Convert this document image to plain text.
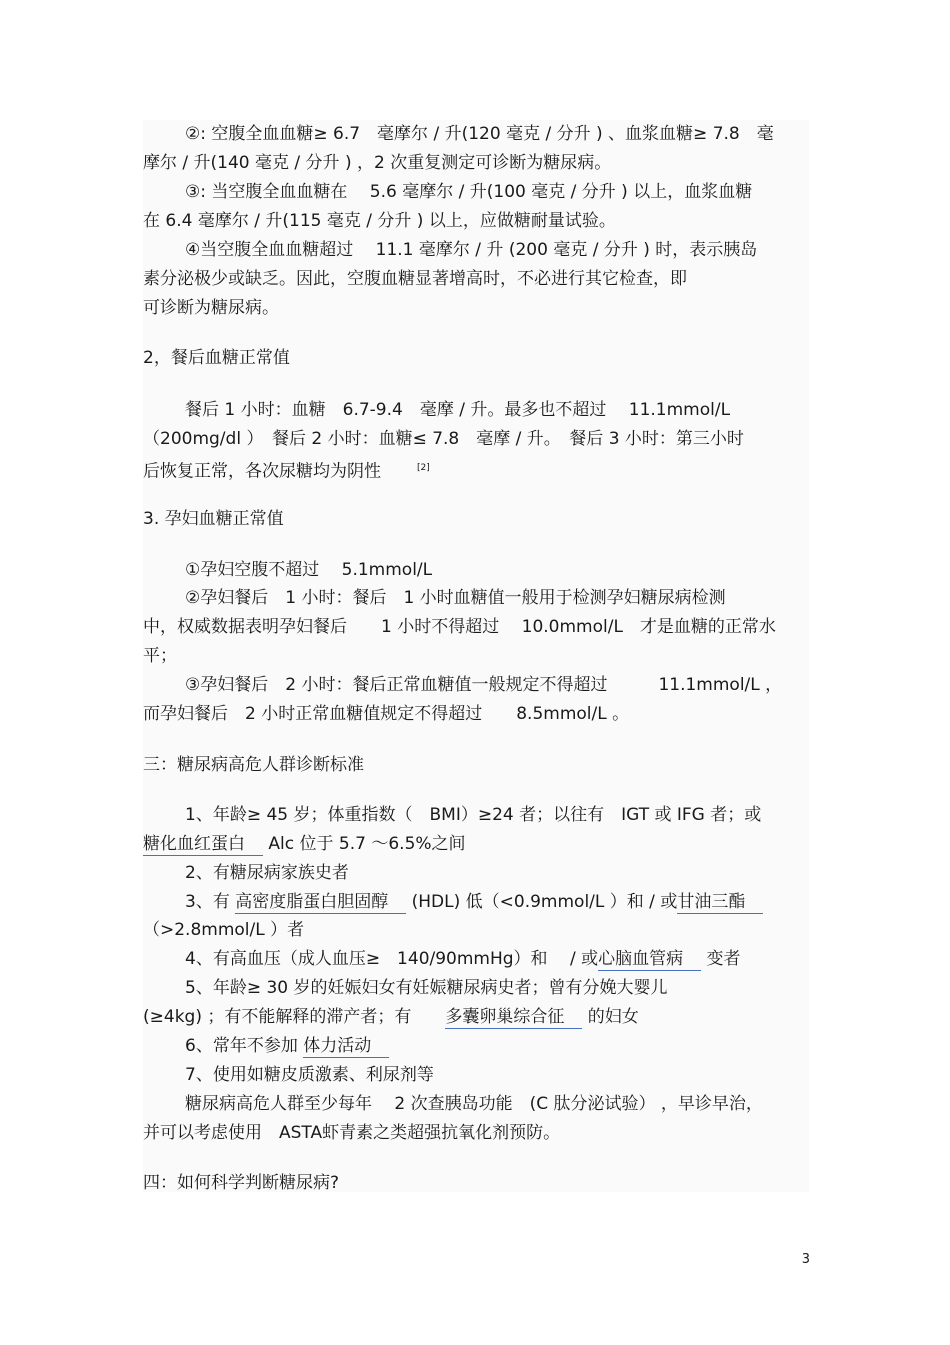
②: 空腹全血血糖≥ 6.7　毫摩尔 / 升(120 毫克 / 分升 ) 、血浆血糖≥ 7.8　毫

摩尔 / 升(140 毫克 / 分升 ) ，2 次重复测定可诊断为糖尿病。

③: 当空腹全血血糖在　 5.6 毫摩尔 / 升(100 毫克 / 分升 ) 以上，血浆血糖

在 6.4 毫摩尔 / 升(115 毫克 / 分升 ) 以上，应做糖耐量试验。

④当空腹全血血糖超过　 11.1 毫摩尔 / 升 (200 毫克 / 分升 ) 时，表示胰岛

素分泌极少或缺乏。因此，空腹血糖显著增高时，不必进行其它检查，即

可诊断为糖尿病。

2，餐后血糖正常值

餐后 1 小时：血糖　6.7-9.4　毫摩 / 升。最多也不超过　 11.1mmol/L

（200mg/dl ）　餐后 2 小时：血糖≤ 7.8　毫摩 / 升。　餐后 3 小时：第三小时

后恢复正常，各次尿糖均为阴性	[2]

3. 孕妇血糖正常值

①孕妇空腹不超过　 5.1mmol/L

②孕妇餐后　1 小时：餐后　1 小时血糖值一般用于检测孕妇糖尿病检测

中，权威数据表明孕妇餐后　　1 小时不得超过　 10.0mmol/L　才是血糖的正常水

平；

③孕妇餐后　2 小时：餐后正常血糖值一般规定不得超过　　　11.1mmol/L ，

而孕妇餐后　2 小时正常血糖值规定不得超过　　8.5mmol/L 。

三：糖尿病高危人群诊断标准

1、年龄≥ 45 岁；体重指数（　BMI）≥24 者；以往有　IGT 或 IFG 者；或

糖化血红蛋白 Alc 位于 5.7 ～6.5%之间

2、有糖尿病家族史者

3、有 高密度脂蛋白胆固醇 (HDL) 低（<0.9mmol/L ）和 / 或甘油三酯

（>2.8mmol/L ）者

4、有高血压（成人血压≥　140/90mmHg）和　 / 或心脑血管病 变者

5、年龄≥ 30 岁的妊娠妇女有妊娠糖尿病史者；曾有分娩大婴儿

(≥4kg) ；有不能解释的滞产者；有　　多囊卵巢综合征 的妇女

6、常年不参加 体力活动

7、使用如糖皮质激素、利尿剂等

糖尿病高危人群至少每年　 2 次查胰岛功能　(C 肽分泌试验） ，早诊早治，

并可以考虑使用　ASTA虾青素之类超强抗氧化剂预防。

四：如何科学判断糖尿病?

3
